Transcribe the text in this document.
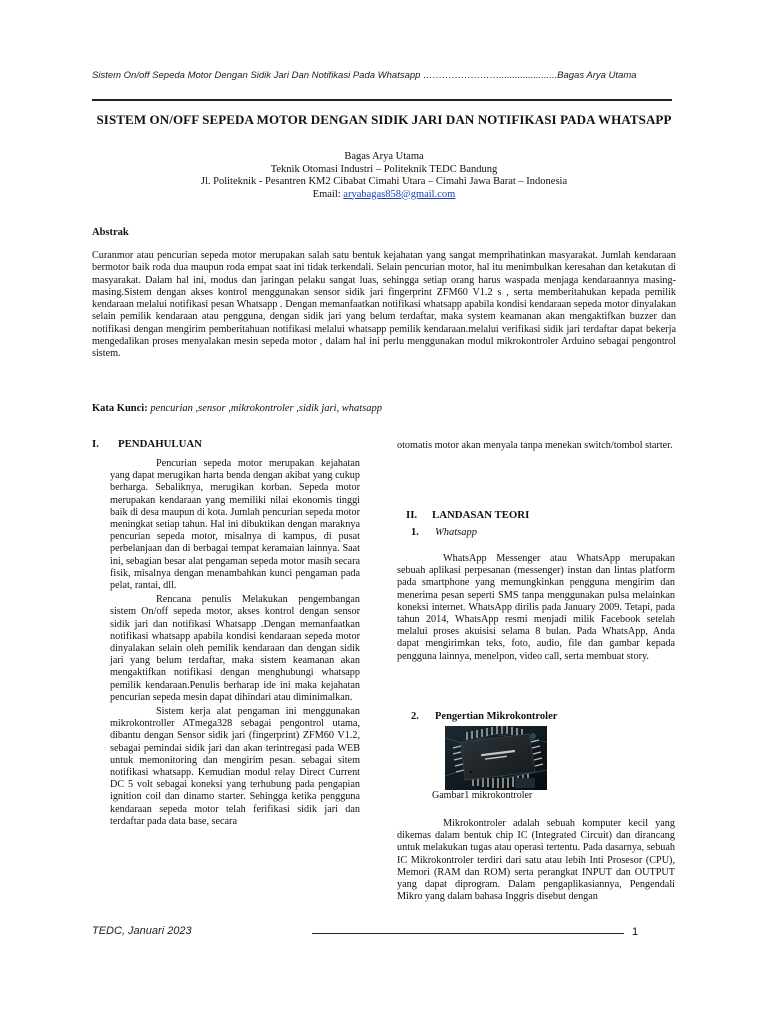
Sistem On/off Sepeda Motor Dengan Sidik Jari Dan Notifikasi Pada Whatsapp ……………………......................Bagas Arya Utama
SISTEM ON/OFF SEPEDA MOTOR DENGAN SIDIK JARI DAN NOTIFIKASI PADA WHATSAPP
Bagas Arya Utama
Teknik Otomasi Industri – Politeknik TEDC Bandung
Jl. Politeknik - Pesantren KM2 Cibabat Cimahi Utara – Cimahi Jawa Barat – Indonesia
Email: aryabagas858@gmail.com
Abstrak
Curanmor atau pencurian sepeda motor merupakan salah satu bentuk kejahatan yang sangat memprihatinkan masyarakat. Jumlah kendaraan bermotor baik roda dua maupun roda empat saat ini tidak terkendali. Selain pencurian motor, hal itu menimbulkan keresahan dan ketakutan di masyarakat. Dalam hal ini, modus dan jaringan pelaku sangat luas, sehingga setiap orang harus waspada menjaga kendaraannya masing-masing.Sistem dengan akses kontrol menggunakan sensor sidik jari fingerprint ZFM60 V1.2 s , serta memberitahukan kepada pemilik kendaraan melalui notifikasi pesan Whatsapp . Dengan memanfaatkan notifikasi whatsapp apabila kondisi kendaraan sepeda motor dinyalakan selain pemilik kendaraan atau pengguna, dengan sidik jari yang belum terdaftar, maka system keamanan akan mengaktifkan buzzer dan notifikasi dengan mengirim pemberitahuan notifikasi melalui whatsapp pemilik kendaraan.melalui verifikasi sidik jari terdaftar dapat bekerja mengedalikan proses menyalakan mesin sepeda motor , dalam hal ini perlu menggunakan modul mikrokontroler Arduino sebagai pengontrol sistem.
Kata Kunci: pencurian ,sensor ,mikrokontroler ,sidik jari, whatsapp
I. PENDAHULUAN

Pencurian sepeda motor merupakan kejahatan yang dapat merugikan harta benda dengan akibat yang cukup berharga. Sebaliknya, merugikan korban. Sepeda motor merupakan kendaraan yang memiliki nilai ekonomis tinggi baik di desa maupun di kota. Jumlah pencurian sepeda motor meningkat setiap tahun. Hal ini dibuktikan dengan maraknya pencurian sepeda motor, misalnya di kampus, di pusat perbelanjaan dan di berbagai tempat keramaian lainnya. Saat ini, sebagian besar alat pengaman sepeda motor masih secara fisik, misalnya dengan menambahkan kunci pengaman pada pelat, rantai, dll.

Rencana penulis Melakukan pengembangan sistem On/off sepeda motor, akses kontrol dengan sensor sidik jari dan notifikasi Whatsapp .Dengan memanfaatkan notifikasi whatsapp apabila kondisi kendaraan sepeda motor dinyalakan selain oleh pemilik kendaraan dan dengan sidik jari yang belum terdaftar, maka sistem keamanan akan mengaktifkan notifikasi dengan menghubungi whatsapp pemilik kendaraan.Penulis berharap ide ini maka kejahatan pencurian sepeda mesin dapat dihindari atau diminimalkan.

Sistem kerja alat pengaman ini menggunakan mikrokontroller ATmega328 sebagai pengontrol utama, dibantu dengan Sensor sidik jari (fingerprint) ZFM60 V1.2, sebagai pemindai sidik jari dan akan terintregasi pada WEB untuk memonitoring dan mengirim pesan. sebagai sitem notifikasi whatsapp. Kemudian modul relay Direct Current DC 5 volt sebagai koneksi yang terhubung pada pengapian ignition coil dan dinamo starter. Sehingga ketika pengguna kendaraan sepeda motor telah ferifikasi sidik jari dan terdaftar pada data base, secara

otomatis motor akan menyala tanpa menekan switch/tombol starter.

II. LANDASAN TEORI
1. Whatsapp

WhatsApp Messenger atau WhatsApp merupakan sebuah aplikasi perpesanan (messenger) instan dan lintas platform pada smartphone yang memungkinkan pengguna mengirim dan menerima pesan seperti SMS tanpa menggunakan pulsa melainkan koneksi internet. WhatsApp dirilis pada January 2009. Tetapi, pada tahun 2014, WhatsApp resmi menjadi milik Facebook setelah melalui proses akuisisi selama 8 bulan. Pada WhatsApp, Anda dapat mengirimkan teks, foto, audio, file dan gambar kepada pengguna lainnya, menelpon, video call, serta membuat story.

2. Pengertian Mikrokontroler
Gambar1 mikrokontroler

Mikrokontroler adalah sebuah komputer kecil yang dikemas dalam bentuk chip IC (Integrated Circuit) dan dirancang untuk melakukan tugas atau operasi tertentu. Pada dasarnya, sebuah IC Mikrokontroler terdiri dari satu atau lebih Inti Prosesor (CPU), Memori (RAM dan ROM) serta perangkat INPUT dan OUTPUT yang dapat diprogram. Dalam pengaplikasiannya, Pengendali Mikro yang dalam bahasa Inggris disebut dengan

TEDC, Januari 2023	1
